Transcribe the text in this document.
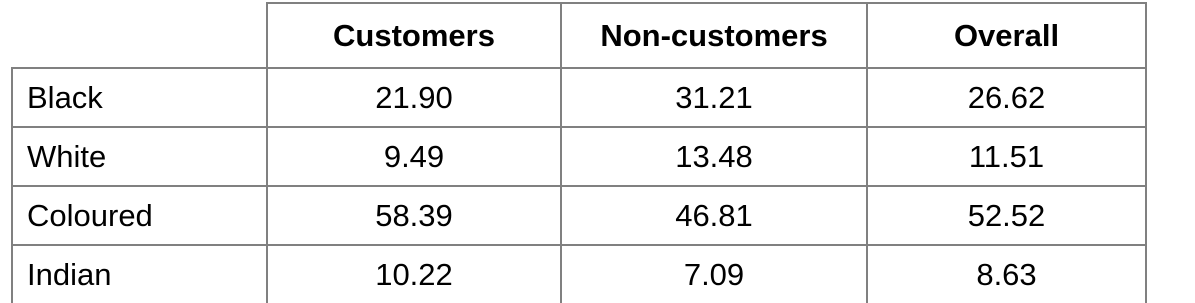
	Customers	Non-customers	Overall
Black	21.90	31.21	26.62
White	9.49	13.48	11.51
Coloured	58.39	46.81	52.52
Indian	10.22	7.09	8.63
